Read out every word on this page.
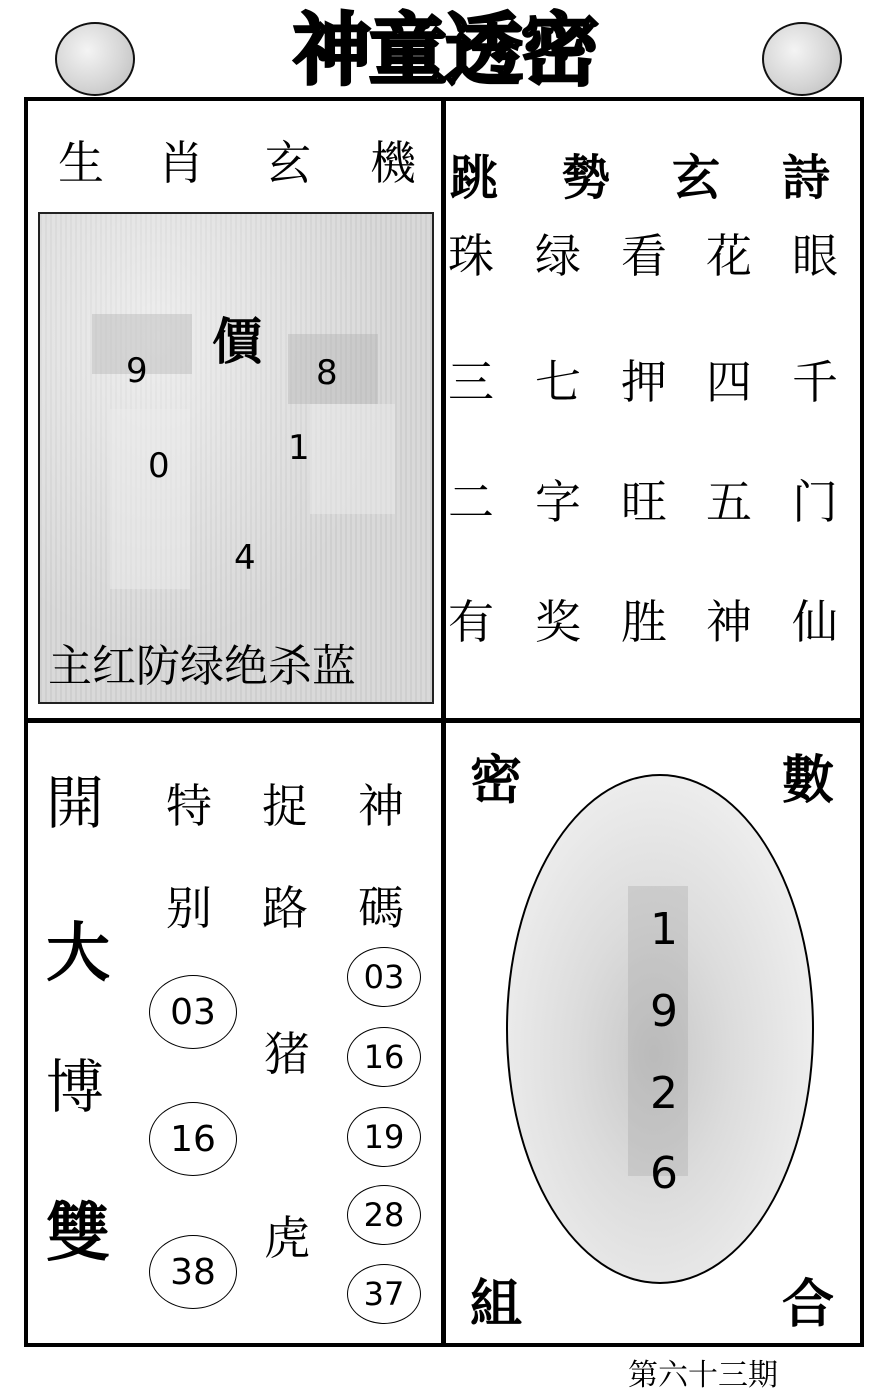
神童透密
生 肖 玄 機
價
9	8
0	1
4
主红防绿绝杀蓝
跳 勢 玄 詩
珠 绿 看 花 眼
三 七 押 四 千
二 字 旺 五 门
有 奖 胜 神 仙
開
大
博
雙
特
别
03
16
38
捉
路
猪
虎
神
碼
03
16
19
28
37
密	數
組	合
1
9
2
6
第六十三期
